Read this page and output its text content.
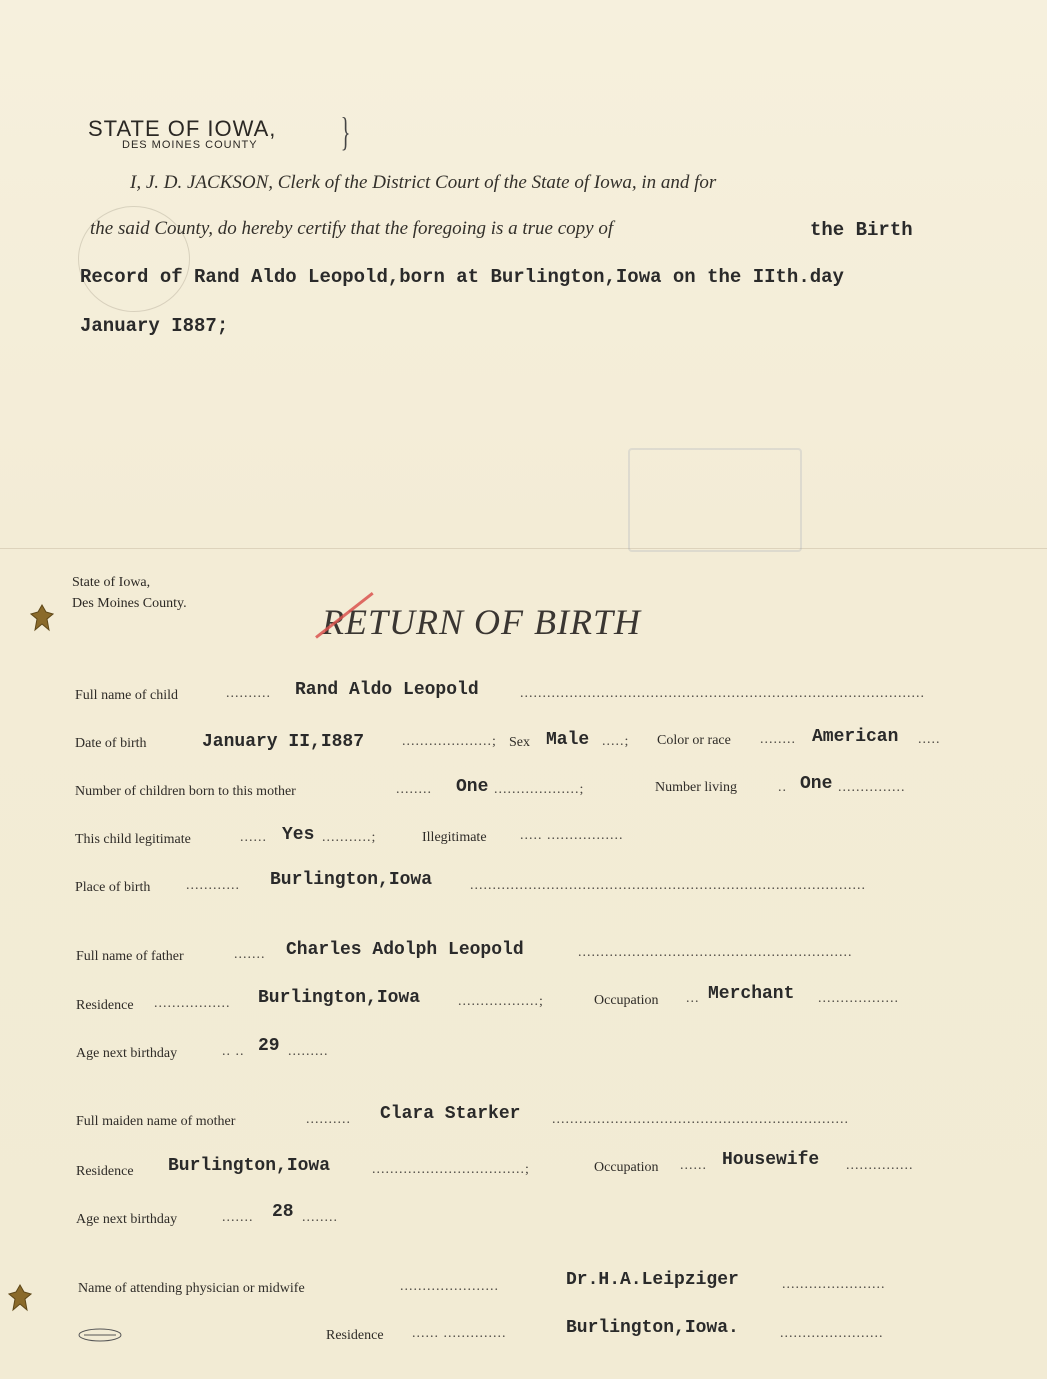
STATE OF IOWA,
DES MOINES COUNTY }
I, J. D. JACKSON, Clerk of the District Court of the State of Iowa, in and for
the said County, do hereby certify that the foregoing is a true copy of	the Birth
Record of Rand Aldo Leopold,born at Burlington,Iowa on the IIth.day
January I887;
State of Iowa,
Des Moines County.	RETURN OF BIRTH
Full name of child	..........	Rand Aldo Leopold	..........................................................................................
Date of birth	January II,I887	....................; Sex Male .....;	Color or race ........ American .....
Number of children born to this mother	........	One ...................;	Number living	.. One ...............
This child legitimate	...... Yes ...........;	Illegitimate ..... .................
Place of birth	............	Burlington,Iowa	........................................................................................
Full name of father	.......	Charles Adolph Leopold	.............................................................
Residence .................	Burlington,Iowa	..................;	Occupation ... Merchant ..................
Age next birthday	.. .. 29 .........
Full maiden name of mother	..........	Clara Starker ..................................................................
Residence Burlington,Iowa	..................................;	Occupation ...... Housewife ...............
Age next birthday	.......	28 ........
Name of attending physician or midwife	......................	Dr.H.A.Leipziger	.......................
Residence ...... ..............	Burlington,Iowa.	.......................
